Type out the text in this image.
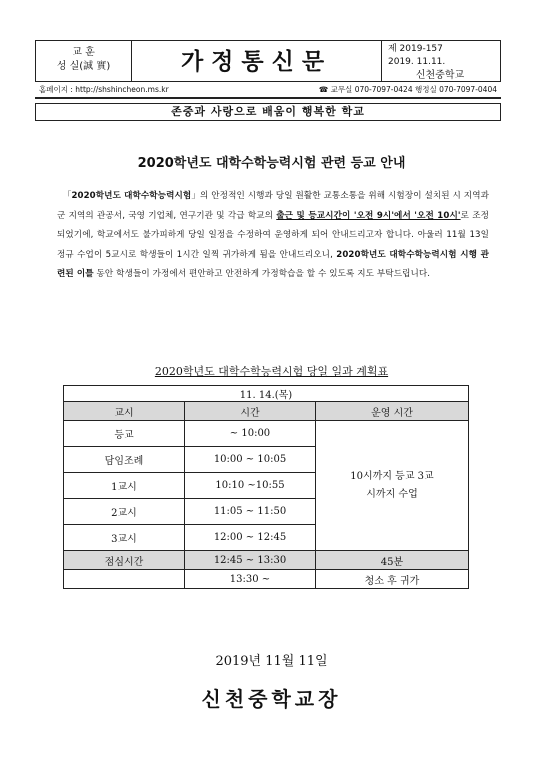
교 훈
성 실(誠 實)	가정통신문	제 2019-157
2019. 11.11.
신천중학교
홈페이지 : http://shshincheon.ms.kr	☎ 교무실 070-7097-0424 행정실 070-7097-0404
존중과 사랑으로 배움이 행복한 학교
2020학년도 대학수학능력시험 관련 등교 안내
「2020학년도 대학수학능력시험」의 안정적인 시행과 당일 원활한 교통소통을 위해 시험장이 설치된 시 지역과 군 지역의 관공서, 국영 기업체, 연구기관 및 각급 학교의 출근 및 등교시간이 '오전 9시'에서 '오전 10시'로 조정되었기에, 학교에서도 불가피하게 당일 일정을 수정하여 운영하게 되어 안내드리고자 합니다. 아울러 11월 13일 정규 수업이 5교시로 학생들이 1시간 일찍 귀가하게 됨을 안내드리오니, 2020학년도 대학수학능력시험 시행 관련된 이틀 동안 학생들이 가정에서 편안하고 안전하게 가정학습을 할 수 있도록 지도 부탁드립니다.
2020학년도 대학수학능력시험 당일 일과 계획표
11. 14.(목)		
교시	시간	운영 시간
등교	~ 10:00	10시까지 등교 3교시까지 수업

담임조례	10:00 ~ 10:05	
1교시	10:10 ~10:55	
2교시	11:05 ~ 11:50	
3교시	12:00 ~ 12:45	
점심시간	12:45 ~ 13:30	45분
	13:30 ~	청소 후 귀가
2019년 11월 11일
신천중학교장
